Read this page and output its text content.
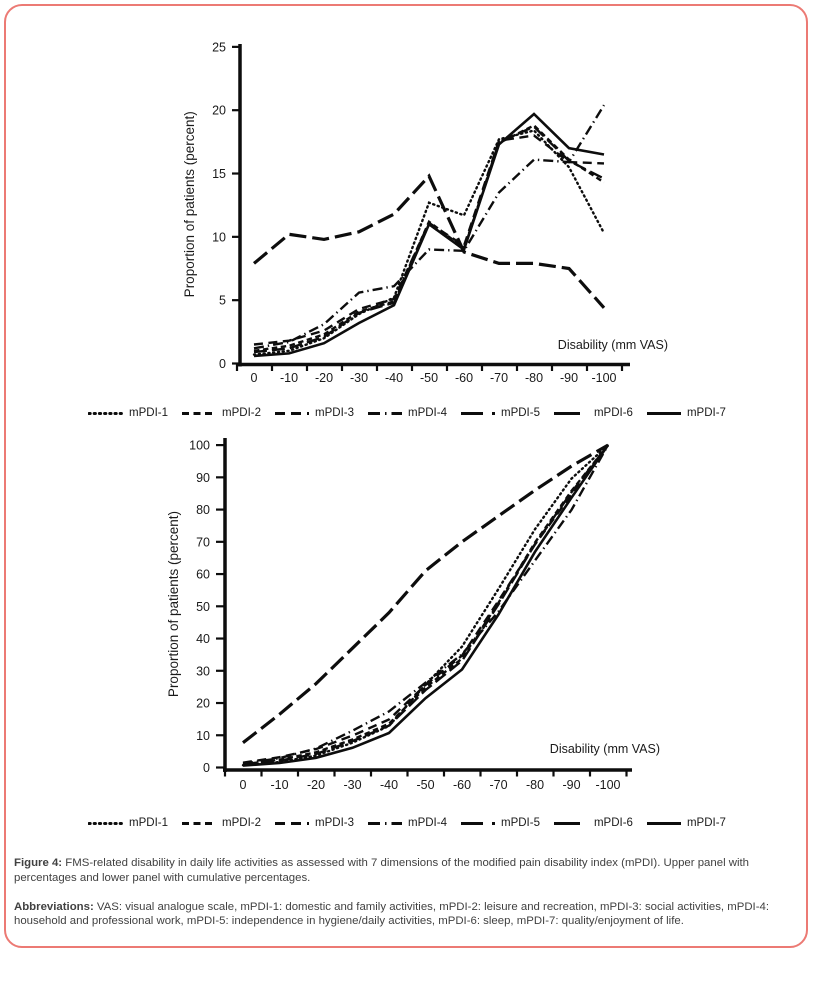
0
5
10
15
20
25
0 -10 -20 -30 -40 -50 -60 -70 -80 -90 -100
Proportion of patients (percent)
Disability (mm VAS)
0
10
20
30
40
50
60
70
80
90
100
0 -10 -20 -30 -40 -50 -60 -70 -80 -90 -100
Proportion of patients (percent)
Disability (mm VAS)
mPDI-1	mPDI-2	mPDI-3	mPDI-4	mPDI-5	mPDI-6	mPDI-7
mPDI-1	mPDI-2	mPDI-3	mPDI-4	mPDI-5	mPDI-6	mPDI-7

Figure 4: FMS-related disability in daily life activities as assessed with 7 dimensions of the modified pain disability index (mPDI). Upper panel with percentages and lower panel with cumulative percentages.

Abbreviations: VAS: visual analogue scale, mPDI-1: domestic and family activities, mPDI-2: leisure and recreation, mPDI-3: social activities, mPDI-4: household and professional work, mPDI-5: independence in hygiene/daily activities, mPDI-6: sleep, mPDI-7: quality/enjoyment of life.
